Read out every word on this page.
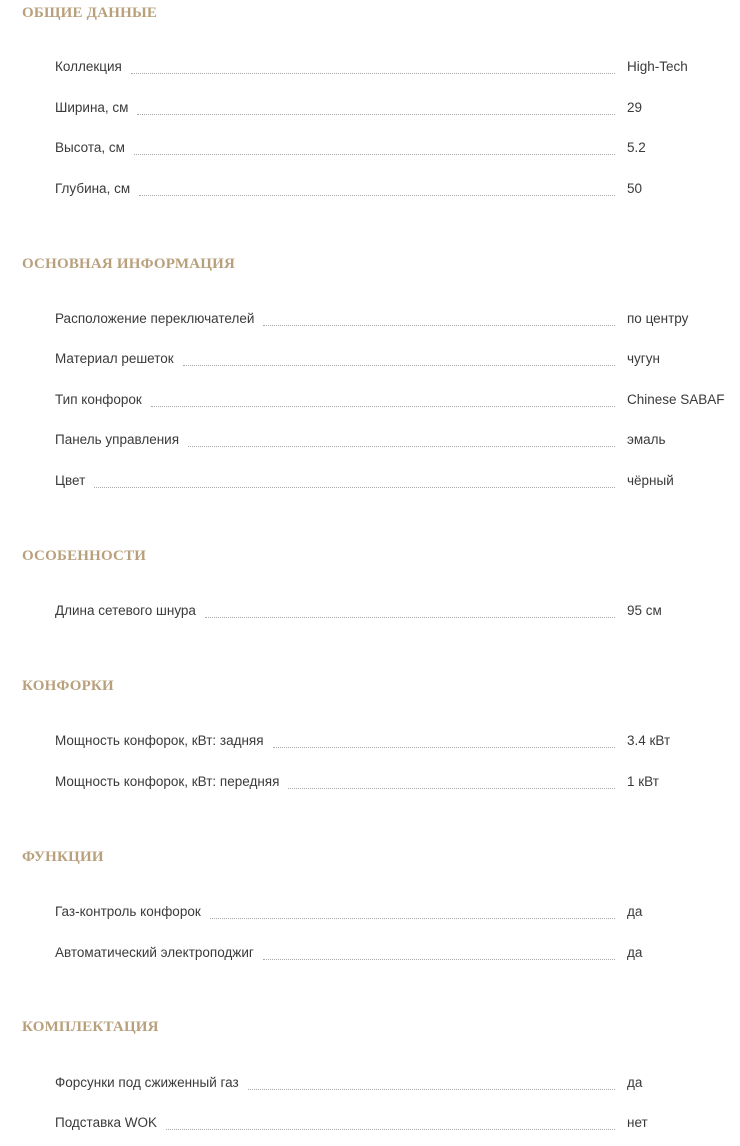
ОБЩИЕ ДАННЫЕ
Коллекция	High-Tech
Ширина, см	29
Высота, см	5.2
Глубина, см	50
ОСНОВНАЯ ИНФОРМАЦИЯ
Расположение переключателей	по центру
Материал решеток	чугун
Тип конфорок	Chinese SABAF
Панель управления	эмаль
Цвет	чёрный
ОСОБЕННОСТИ
Длина сетевого шнура	95 см
КОНФОРКИ
Мощность конфорок, кВт: задняя	3.4 кВт
Мощность конфорок, кВт: передняя	1 кВт
ФУНКЦИИ
Газ-контроль конфорок	да
Автоматический электроподжиг	да
КОМПЛЕКТАЦИЯ
Форсунки под сжиженный газ	да
Подставка WOK	нет
